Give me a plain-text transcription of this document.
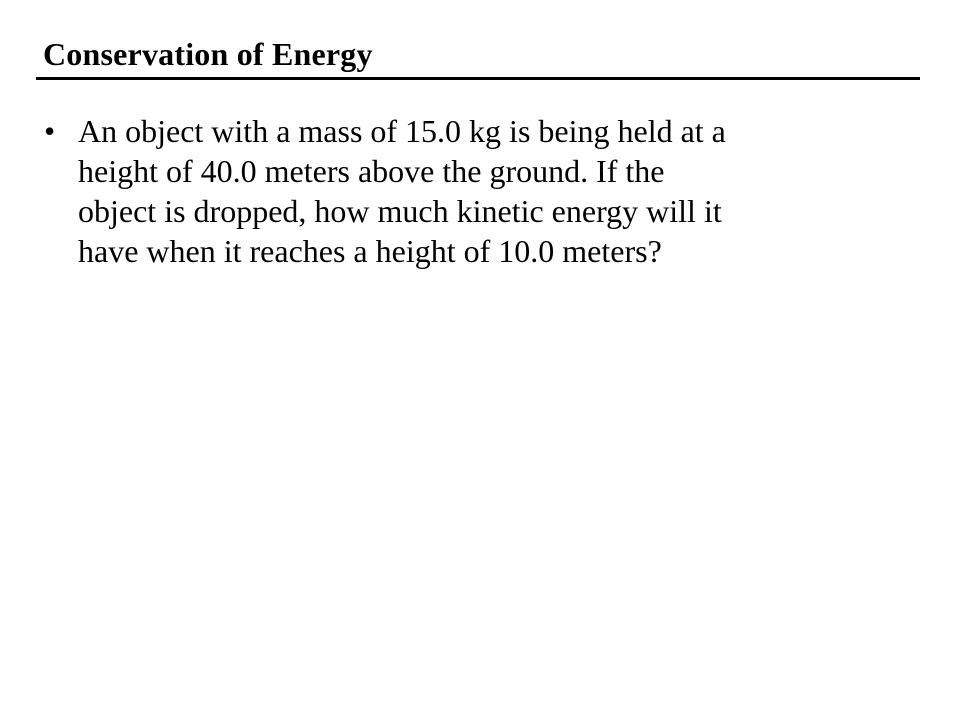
Conservation of Energy
• An object with a mass of 15.0 kg is being held at a
height of 40.0 meters above the ground. If the
object is dropped, how much kinetic energy will it
have when it reaches a height of 10.0 meters?
